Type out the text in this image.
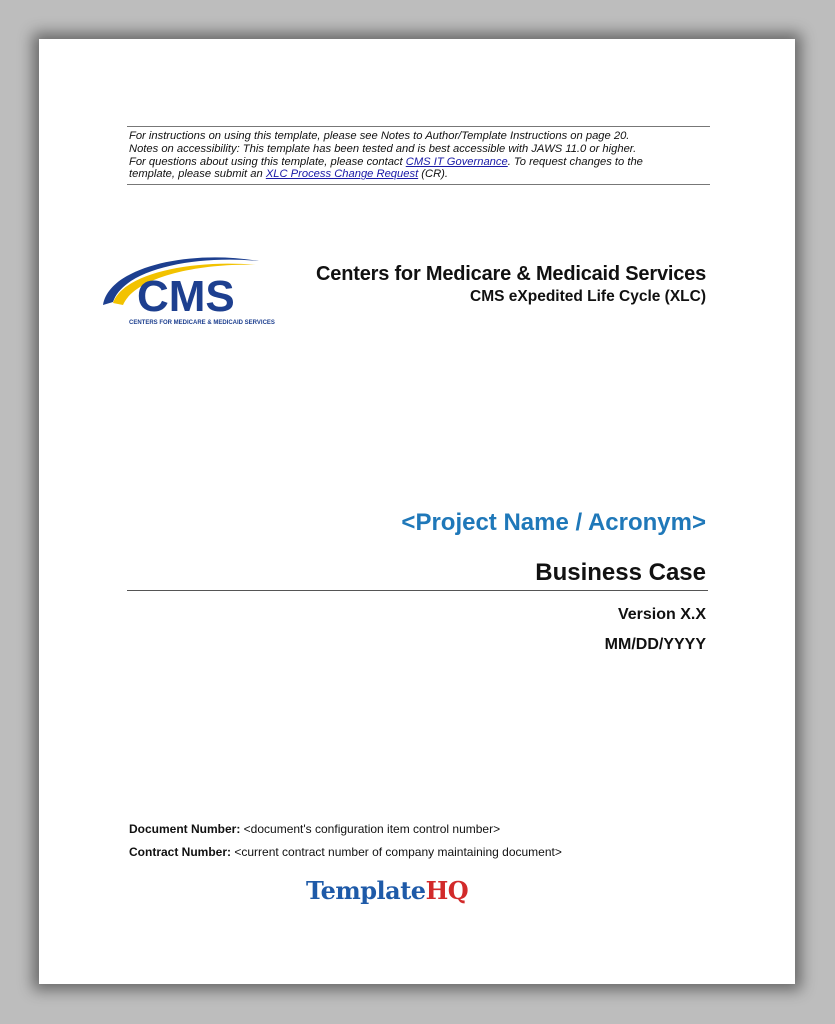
For instructions on using this template, please see Notes to Author/Template Instructions on page 20.
Notes on accessibility: This template has been tested and is best accessible with JAWS 11.0 or higher.
For questions about using this template, please contact CMS IT Governance. To request changes to the
template, please submit an XLC Process Change Request (CR).
CMS
CENTERS FOR MEDICARE & MEDICAID SERVICES
Centers for Medicare & Medicaid Services
CMS eXpedited Life Cycle (XLC)
<Project Name / Acronym>
Business Case
Version X.X
MM/DD/YYYY
Document Number: <document's configuration item control number>
Contract Number: <current contract number of company maintaining document>
TemplateHQ
